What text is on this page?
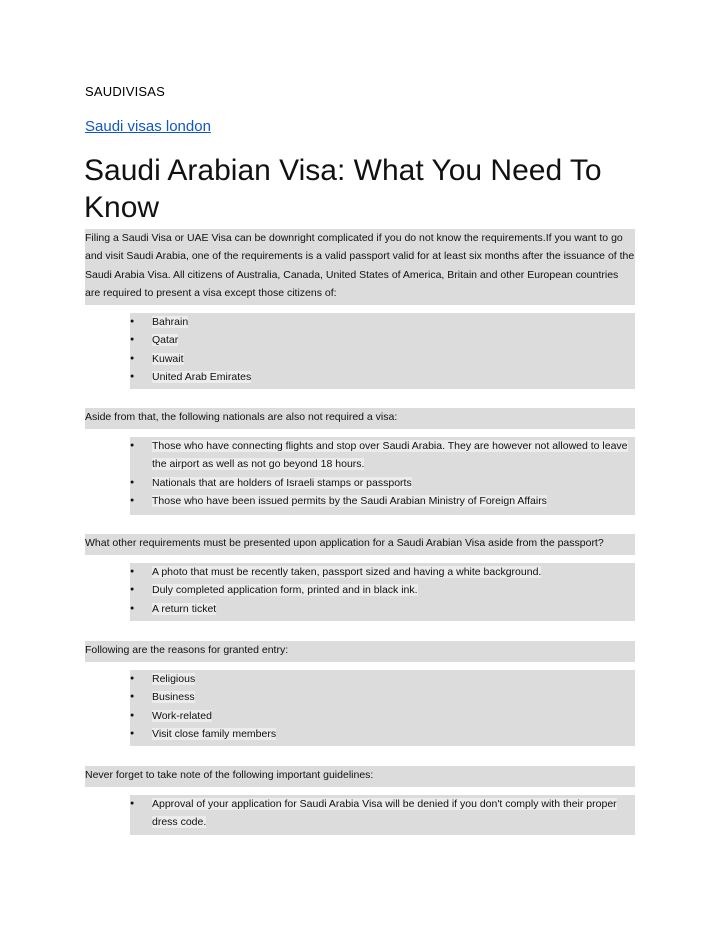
SAUDIVISAS
Saudi visas london
Saudi Arabian Visa: What You Need To Know

Filing a Saudi Visa or UAE Visa can be downright complicated if you do not know the requirements.If you want to go and visit Saudi Arabia, one of the requirements is a valid passport valid for at least six months after the issuance of the Saudi Arabia Visa. All citizens of Australia, Canada, United States of America, Britain and other European countries are required to present a visa except those citizens of:

● Bahrain
● Qatar
● Kuwait
● United Arab Emirates

Aside from that, the following nationals are also not required a visa:

● Those who have connecting flights and stop over Saudi Arabia. They are however not allowed to leave the airport as well as not go beyond 18 hours.
● Nationals that are holders of Israeli stamps or passports
● Those who have been issued permits by the Saudi Arabian Ministry of Foreign Affairs

What other requirements must be presented upon application for a Saudi Arabian Visa aside from the passport?

● A photo that must be recently taken, passport sized and having a white background.
● Duly completed application form, printed and in black ink.
● A return ticket

Following are the reasons for granted entry:

● Religious
● Business
● Work-related
● Visit close family members

Never forget to take note of the following important guidelines:

● Approval of your application for Saudi Arabia Visa will be denied if you don't comply with their proper dress code.
